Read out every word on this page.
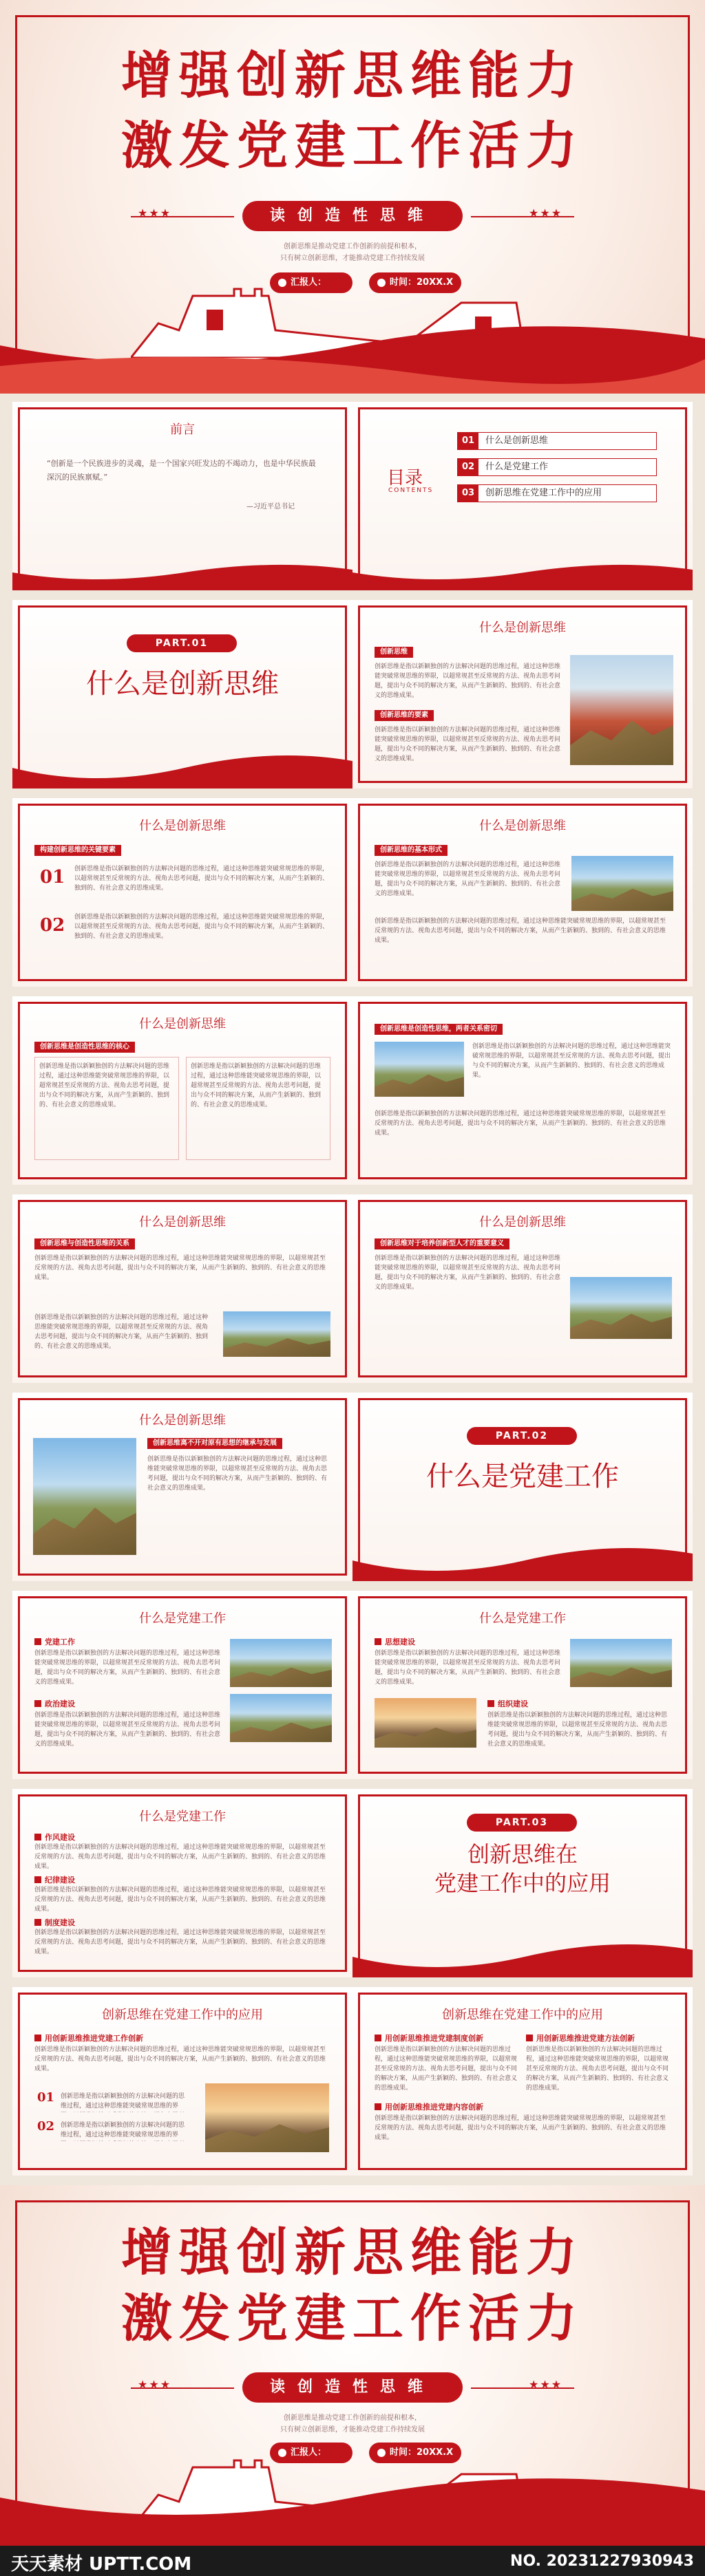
增强创新思维能力
激发党建工作活力
★★★	★★★
读创造性思维
创新思维是推动党建工作创新的前提和根本，
只有树立创新思维，才能推动党建工作持续发展
汇报人：	时间：20XX.X
前言
“创新是一个民族进步的灵魂，是一个国家兴旺发达的不竭动力，也是中华民族最深沉的民族禀赋。”
—习近平总书记
目录
CONTENTS
01	什么是创新思维
02	什么是党建工作
03	创新思维在党建工作中的应用
PART.01
什么是创新思维
什么是创新思维
创新思维
创新思维是指以新颖独创的方法解决问题的思维过程，通过这种思维能突破常规思维的界限，以超常规甚至反常规的方法、视角去思考问题，提出与众不同的解决方案，从而产生新颖的、独到的、有社会意义的思维成果。
创新思维的要素
创新思维是指以新颖独创的方法解决问题的思维过程，通过这种思维能突破常规思维的界限，以超常规甚至反常规的方法、视角去思考问题，提出与众不同的解决方案，从而产生新颖的、独到的、有社会意义的思维成果。
什么是创新思维
构建创新思维的关键要素
01 创新思维是指以新颖独创的方法解决问题的思维过程，通过这种思维能突破常规思维的界限，以超常规甚至反常规的方法、视角去思考问题，提出与众不同的解决方案，从而产生新颖的、独到的、有社会意义的思维成果。
02 创新思维是指以新颖独创的方法解决问题的思维过程，通过这种思维能突破常规思维的界限，以超常规甚至反常规的方法、视角去思考问题，提出与众不同的解决方案，从而产生新颖的、独到的、有社会意义的思维成果。
什么是创新思维
创新思维的基本形式
创新思维是指以新颖独创的方法解决问题的思维过程，通过这种思维能突破常规思维的界限，以超常规甚至反常规的方法、视角去思考问题，提出与众不同的解决方案，从而产生新颖的、独到的、有社会意义的思维成果。
创新思维是指以新颖独创的方法解决问题的思维过程，通过这种思维能突破常规思维的界限，以超常规甚至反常规的方法、视角去思考问题，提出与众不同的解决方案，从而产生新颖的、独到的、有社会意义的思维成果。
什么是创新思维
创新思维是创造性思维的核心
创新思维是指以新颖独创的方法解决问题的思维过程，通过这种思维能突破常规思维的界限，以超常规甚至反常规的方法、视角去思考问题，提出与众不同的解决方案，从而产生新颖的、独到的、有社会意义的思维成果。
创新思维是指以新颖独创的方法解决问题的思维过程，通过这种思维能突破常规思维的界限，以超常规甚至反常规的方法、视角去思考问题，提出与众不同的解决方案，从而产生新颖的、独到的、有社会意义的思维成果。
创新思维是创造性思维，两者关系密切
创新思维是指以新颖独创的方法解决问题的思维过程，通过这种思维能突破常规思维的界限，以超常规甚至反常规的方法、视角去思考问题，提出与众不同的解决方案，从而产生新颖的、独到的、有社会意义的思维成果。
创新思维是指以新颖独创的方法解决问题的思维过程，通过这种思维能突破常规思维的界限，以超常规甚至反常规的方法、视角去思考问题，提出与众不同的解决方案，从而产生新颖的、独到的、有社会意义的思维成果。
什么是创新思维
创新思维与创造性思维的关系
创新思维是指以新颖独创的方法解决问题的思维过程，通过这种思维能突破常规思维的界限，以超常规甚至反常规的方法、视角去思考问题，提出与众不同的解决方案，从而产生新颖的、独到的、有社会意义的思维成果。
创新思维是指以新颖独创的方法解决问题的思维过程，通过这种思维能突破常规思维的界限，以超常规甚至反常规的方法、视角去思考问题，提出与众不同的解决方案，从而产生新颖的、独到的、有社会意义的思维成果。
什么是创新思维
创新思维对于培养创新型人才的重要意义
创新思维是指以新颖独创的方法解决问题的思维过程，通过这种思维能突破常规思维的界限，以超常规甚至反常规的方法、视角去思考问题，提出与众不同的解决方案，从而产生新颖的、独到的、有社会意义的思维成果。
什么是创新思维
创新思维离不开对原有思想的继承与发展
创新思维是指以新颖独创的方法解决问题的思维过程，通过这种思维能突破常规思维的界限，以超常规甚至反常规的方法、视角去思考问题，提出与众不同的解决方案，从而产生新颖的、独到的、有社会意义的思维成果。
PART.02
什么是党建工作
什么是党建工作
党建工作
创新思维是指以新颖独创的方法解决问题的思维过程，通过这种思维能突破常规思维的界限，以超常规甚至反常规的方法、视角去思考问题，提出与众不同的解决方案，从而产生新颖的、独到的、有社会意义的思维成果。
政治建设
创新思维是指以新颖独创的方法解决问题的思维过程，通过这种思维能突破常规思维的界限，以超常规甚至反常规的方法、视角去思考问题，提出与众不同的解决方案，从而产生新颖的、独到的、有社会意义的思维成果。
什么是党建工作
思想建设
创新思维是指以新颖独创的方法解决问题的思维过程，通过这种思维能突破常规思维的界限，以超常规甚至反常规的方法、视角去思考问题，提出与众不同的解决方案，从而产生新颖的、独到的、有社会意义的思维成果。
组织建设
创新思维是指以新颖独创的方法解决问题的思维过程，通过这种思维能突破常规思维的界限，以超常规甚至反常规的方法、视角去思考问题，提出与众不同的解决方案，从而产生新颖的、独到的、有社会意义的思维成果。
什么是党建工作
作风建设
创新思维是指以新颖独创的方法解决问题的思维过程，通过这种思维能突破常规思维的界限，以超常规甚至反常规的方法、视角去思考问题，提出与众不同的解决方案，从而产生新颖的、独到的、有社会意义的思维成果。
纪律建设
创新思维是指以新颖独创的方法解决问题的思维过程，通过这种思维能突破常规思维的界限，以超常规甚至反常规的方法、视角去思考问题，提出与众不同的解决方案，从而产生新颖的、独到的、有社会意义的思维成果。
制度建设
创新思维是指以新颖独创的方法解决问题的思维过程，通过这种思维能突破常规思维的界限，以超常规甚至反常规的方法、视角去思考问题，提出与众不同的解决方案，从而产生新颖的、独到的、有社会意义的思维成果。
PART.03
创新思维在
党建工作中的应用
创新思维在党建工作中的应用
用创新思维推进党建工作创新
创新思维是指以新颖独创的方法解决问题的思维过程，通过这种思维能突破常规思维的界限，以超常规甚至反常规的方法、视角去思考问题，提出与众不同的解决方案，从而产生新颖的、独到的、有社会意义的思维成果。
01 创新思维是指以新颖独创的方法解决问题的思维过程，通过这种思维能突破常规思维的界
02 创新思维是指以新颖独创的方法解决问题的思维过程，通过这种思维能突破常规思维的界
创新思维在党建工作中的应用
用创新思维推进党建制度创新
创新思维是指以新颖独创的方法解决问题的思维过程，通过这种思维能突破常规思维的界限，以超常规甚至反常规的方法、视角去思考问题，提出与众不同的解决方案，从而产生新颖的、独到的、有社会意义的思维成果。
用创新思维推进党建方法创新
创新思维是指以新颖独创的方法解决问题的思维过程，通过这种思维能突破常规思维的界限，以超常规甚至反常规的方法、视角去思考问题，提出与众不同的解决方案，从而产生新颖的、独到的、有社会意义的思维成果。
用创新思维推进党建内容创新
创新思维是指以新颖独创的方法解决问题的思维过程，通过这种思维能突破常规思维的界限，以超常规甚至反常规的方法、视角去思考问题，提出与众不同的解决方案，从而产生新颖的、独到的、有社会意义的思维成果。
增强创新思维能力
激发党建工作活力
★★★	★★★
读创造性思维
创新思维是推动党建工作创新的前提和根本，
只有树立创新思维，才能推动党建工作持续发展
汇报人：	时间：20XX.X
天天素材 UPTT.COM	NO. 20231227930943
